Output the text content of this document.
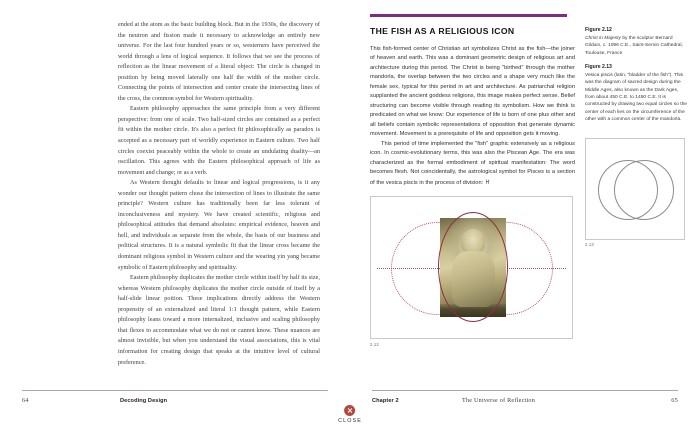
ended at the atom as the basic building block. But in the 1930s, the discovery of the neutron and fission made it necessary to acknowledge an entirely new universe. For the last four hundred years or so, westerners have perceived the world through a lens of logical sequence. It follows that we see the process of reflection as the linear movement of a literal object: The circle is changed in position by being moved laterally one half the width of the mother circle. Connecting the points of intersection and center create the intersecting lines of the cross, the common symbol for Western spirituality.

Eastern philosophy approaches the same principle from a very different perspective: from one of scale. Two half-sized circles are contained as a perfect fit within the mother circle. It's also a perfect fit philosophically as paradox is accepted as a necessary part of worldly experience in Eastern culture. Two half circles coexist peaceably within the whole to create an undulating duality—an oscillation. This agrees with the Eastern philosophical approach of life as movement and change; or as a verb.

As Western thought defaults to linear and logical progressions, is it any wonder our thought pattern chose the intersection of lines to illustrate the same principle? Western culture has traditionally been far less tolerant of inconclusiveness and mystery. We have created scientific, religious and philosophical attitudes that demand absolutes: empirical evidence, heaven and hell, and individuals as separate from the whole, the basis of our business and political structures. It is a natural symbolic fit that the linear cross became the dominant religious symbol in Western culture and the wearing yin yang became symbolic of Eastern philosophy and spirituality.

Eastern philosophy duplicates the mother circle within itself by half its size, whereas Western philosophy duplicates the mother circle outside of itself by a half-slide linear poition. These implications directly address the Western propensity of an externalized and literal 1:1 thought pattern, while Eastern philosophy leans toward a more internalized, inclusive and scaling philosophy that flexes to accommodate what we do not or cannot know. These nuances are almost invisible, but when you understand the visual associations, this is vital information for creating design that speaks at the intuitive level of cultural preference.

THE FISH AS A RELIGIOUS ICON

This fish-formed center of Christian art symbolizes Christ as the fish—the joiner of heaven and earth. This was a dominant geometric design of religious art and architecture during this period. The Christ is being "birthed" through the mother mandorla, the overlap between the two circles and a shape very much like the female sex, typical for this period in art and architecture. As patriarchal religion supplanted the ancient goddess religions, this image makes perfect sense. Belief structuring can become visible through reading its symbolism. How we think is predicated on what we know: Our experience of life is born of one plus other and all beliefs contain symbolic representations of opposition that generate dynamic movement. Movement is a prerequisite of life and opposition gets it moving.

This period of time implemented the "fish" graphic extensively as a religious icon. In cosmic-evolutionary terms, this was also the Piscean Age. The era was characterized as the formal embodiment of spiritual manifestation: The word becomes flesh. Not coincidentally, the astrological symbol for Pisces is a section of the vesica piscis in the process of division: ♓

2.12
Figure 2.12
Christ in Majesty by the sculptor Bernard Gilduin, c. 1096 C.E., Saint-Sernin Cathedral, Toulouse, France
Figure 2.13
Vesica piscis (latin, "bladder of the fish"). This was the diagram of sacred design during the Middle Ages, also known as the Dark Ages, from about 450 C.E. to 1450 C.E. It is constructed by drawing two equal circles so the center of each lies on the circumference of the other with a common center of the mandorla.
2.13
64	Decoding Design	Chapter 2	The Universe of Reflection	65
×
CLOSE
